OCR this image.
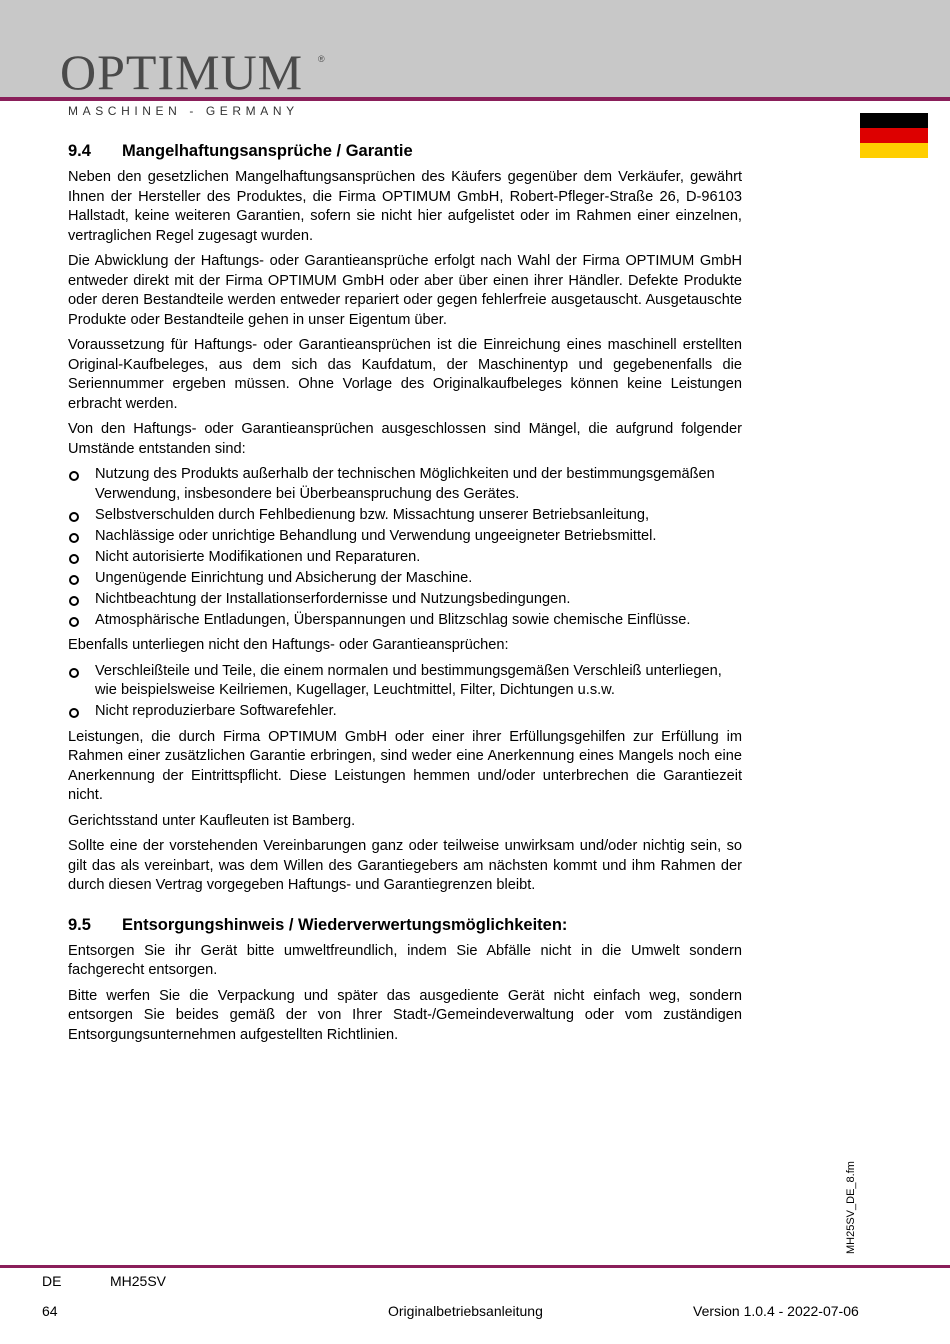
OPTIMUM ®
MASCHINEN - GERMANY
9.4	Mangelhaftungsansprüche / Garantie

Neben den gesetzlichen Mangelhaftungsansprüchen des Käufers gegenüber dem Verkäufer, gewährt Ihnen der Hersteller des Produktes, die Firma OPTIMUM GmbH, Robert-Pfleger-Straße 26, D-96103 Hallstadt, keine weiteren Garantien, sofern sie nicht hier aufgelistet oder im Rahmen einer einzelnen, vertraglichen Regel zugesagt wurden.

Die Abwicklung der Haftungs- oder Garantieansprüche erfolgt nach Wahl der Firma OPTIMUM GmbH entweder direkt mit der Firma OPTIMUM GmbH oder aber über einen ihrer Händler. Defekte Produkte oder deren Bestandteile werden entweder repariert oder gegen fehlerfreie ausgetauscht. Ausgetauschte Produkte oder Bestandteile gehen in unser Eigentum über.

Voraussetzung für Haftungs- oder Garantieansprüchen ist die Einreichung eines maschinell erstellten Original-Kaufbeleges, aus dem sich das Kaufdatum, der Maschinentyp und gegebenenfalls die Seriennummer ergeben müssen. Ohne Vorlage des Originalkaufbeleges können keine Leistungen erbracht werden.

Von den Haftungs- oder Garantieansprüchen ausgeschlossen sind Mängel, die aufgrund folgender Umstände entstanden sind:

Nutzung des Produkts außerhalb der technischen Möglichkeiten und der bestimmungsgemäßen Verwendung, insbesondere bei Überbeanspruchung des Gerätes.
Selbstverschulden durch Fehlbedienung bzw. Missachtung unserer Betriebsanleitung,
Nachlässige oder unrichtige Behandlung und Verwendung ungeeigneter Betriebsmittel.
Nicht autorisierte Modifikationen und Reparaturen.
Ungenügende Einrichtung und Absicherung der Maschine.
Nichtbeachtung der Installationserfordernisse und Nutzungsbedingungen.
Atmosphärische Entladungen, Überspannungen und Blitzschlag sowie chemische Einflüsse.

Ebenfalls unterliegen nicht den Haftungs- oder Garantieansprüchen:

Verschleißteile und Teile, die einem normalen und bestimmungsgemäßen Verschleiß unterliegen, wie beispielsweise Keilriemen, Kugellager, Leuchtmittel, Filter, Dichtungen u.s.w.
Nicht reproduzierbare Softwarefehler.

Leistungen, die durch Firma OPTIMUM GmbH oder einer ihrer Erfüllungsgehilfen zur Erfüllung im Rahmen einer zusätzlichen Garantie erbringen, sind weder eine Anerkennung eines Mangels noch eine Anerkennung der Eintrittspflicht. Diese Leistungen hemmen und/oder unterbrechen die Garantiezeit nicht.

Gerichtsstand unter Kaufleuten ist Bamberg.

Sollte eine der vorstehenden Vereinbarungen ganz oder teilweise unwirksam und/oder nichtig sein, so gilt das als vereinbart, was dem Willen des Garantiegebers am nächsten kommt und ihm Rahmen der durch diesen Vertrag vorgegeben Haftungs- und Garantiegrenzen bleibt.

9.5	Entsorgungshinweis / Wiederverwertungsmöglichkeiten:

Entsorgen Sie ihr Gerät bitte umweltfreundlich, indem Sie Abfälle nicht in die Umwelt sondern fachgerecht entsorgen.

Bitte werfen Sie die Verpackung und später das ausgediente Gerät nicht einfach weg, sondern entsorgen Sie beides gemäß der von Ihrer Stadt-/Gemeindeverwaltung oder vom zuständigen Entsorgungsunternehmen aufgestellten Richtlinien.

MH25SV_DE_8.fm
DE	MH25SV
64	Originalbetriebsanleitung	Version 1.0.4 - 2022-07-06
